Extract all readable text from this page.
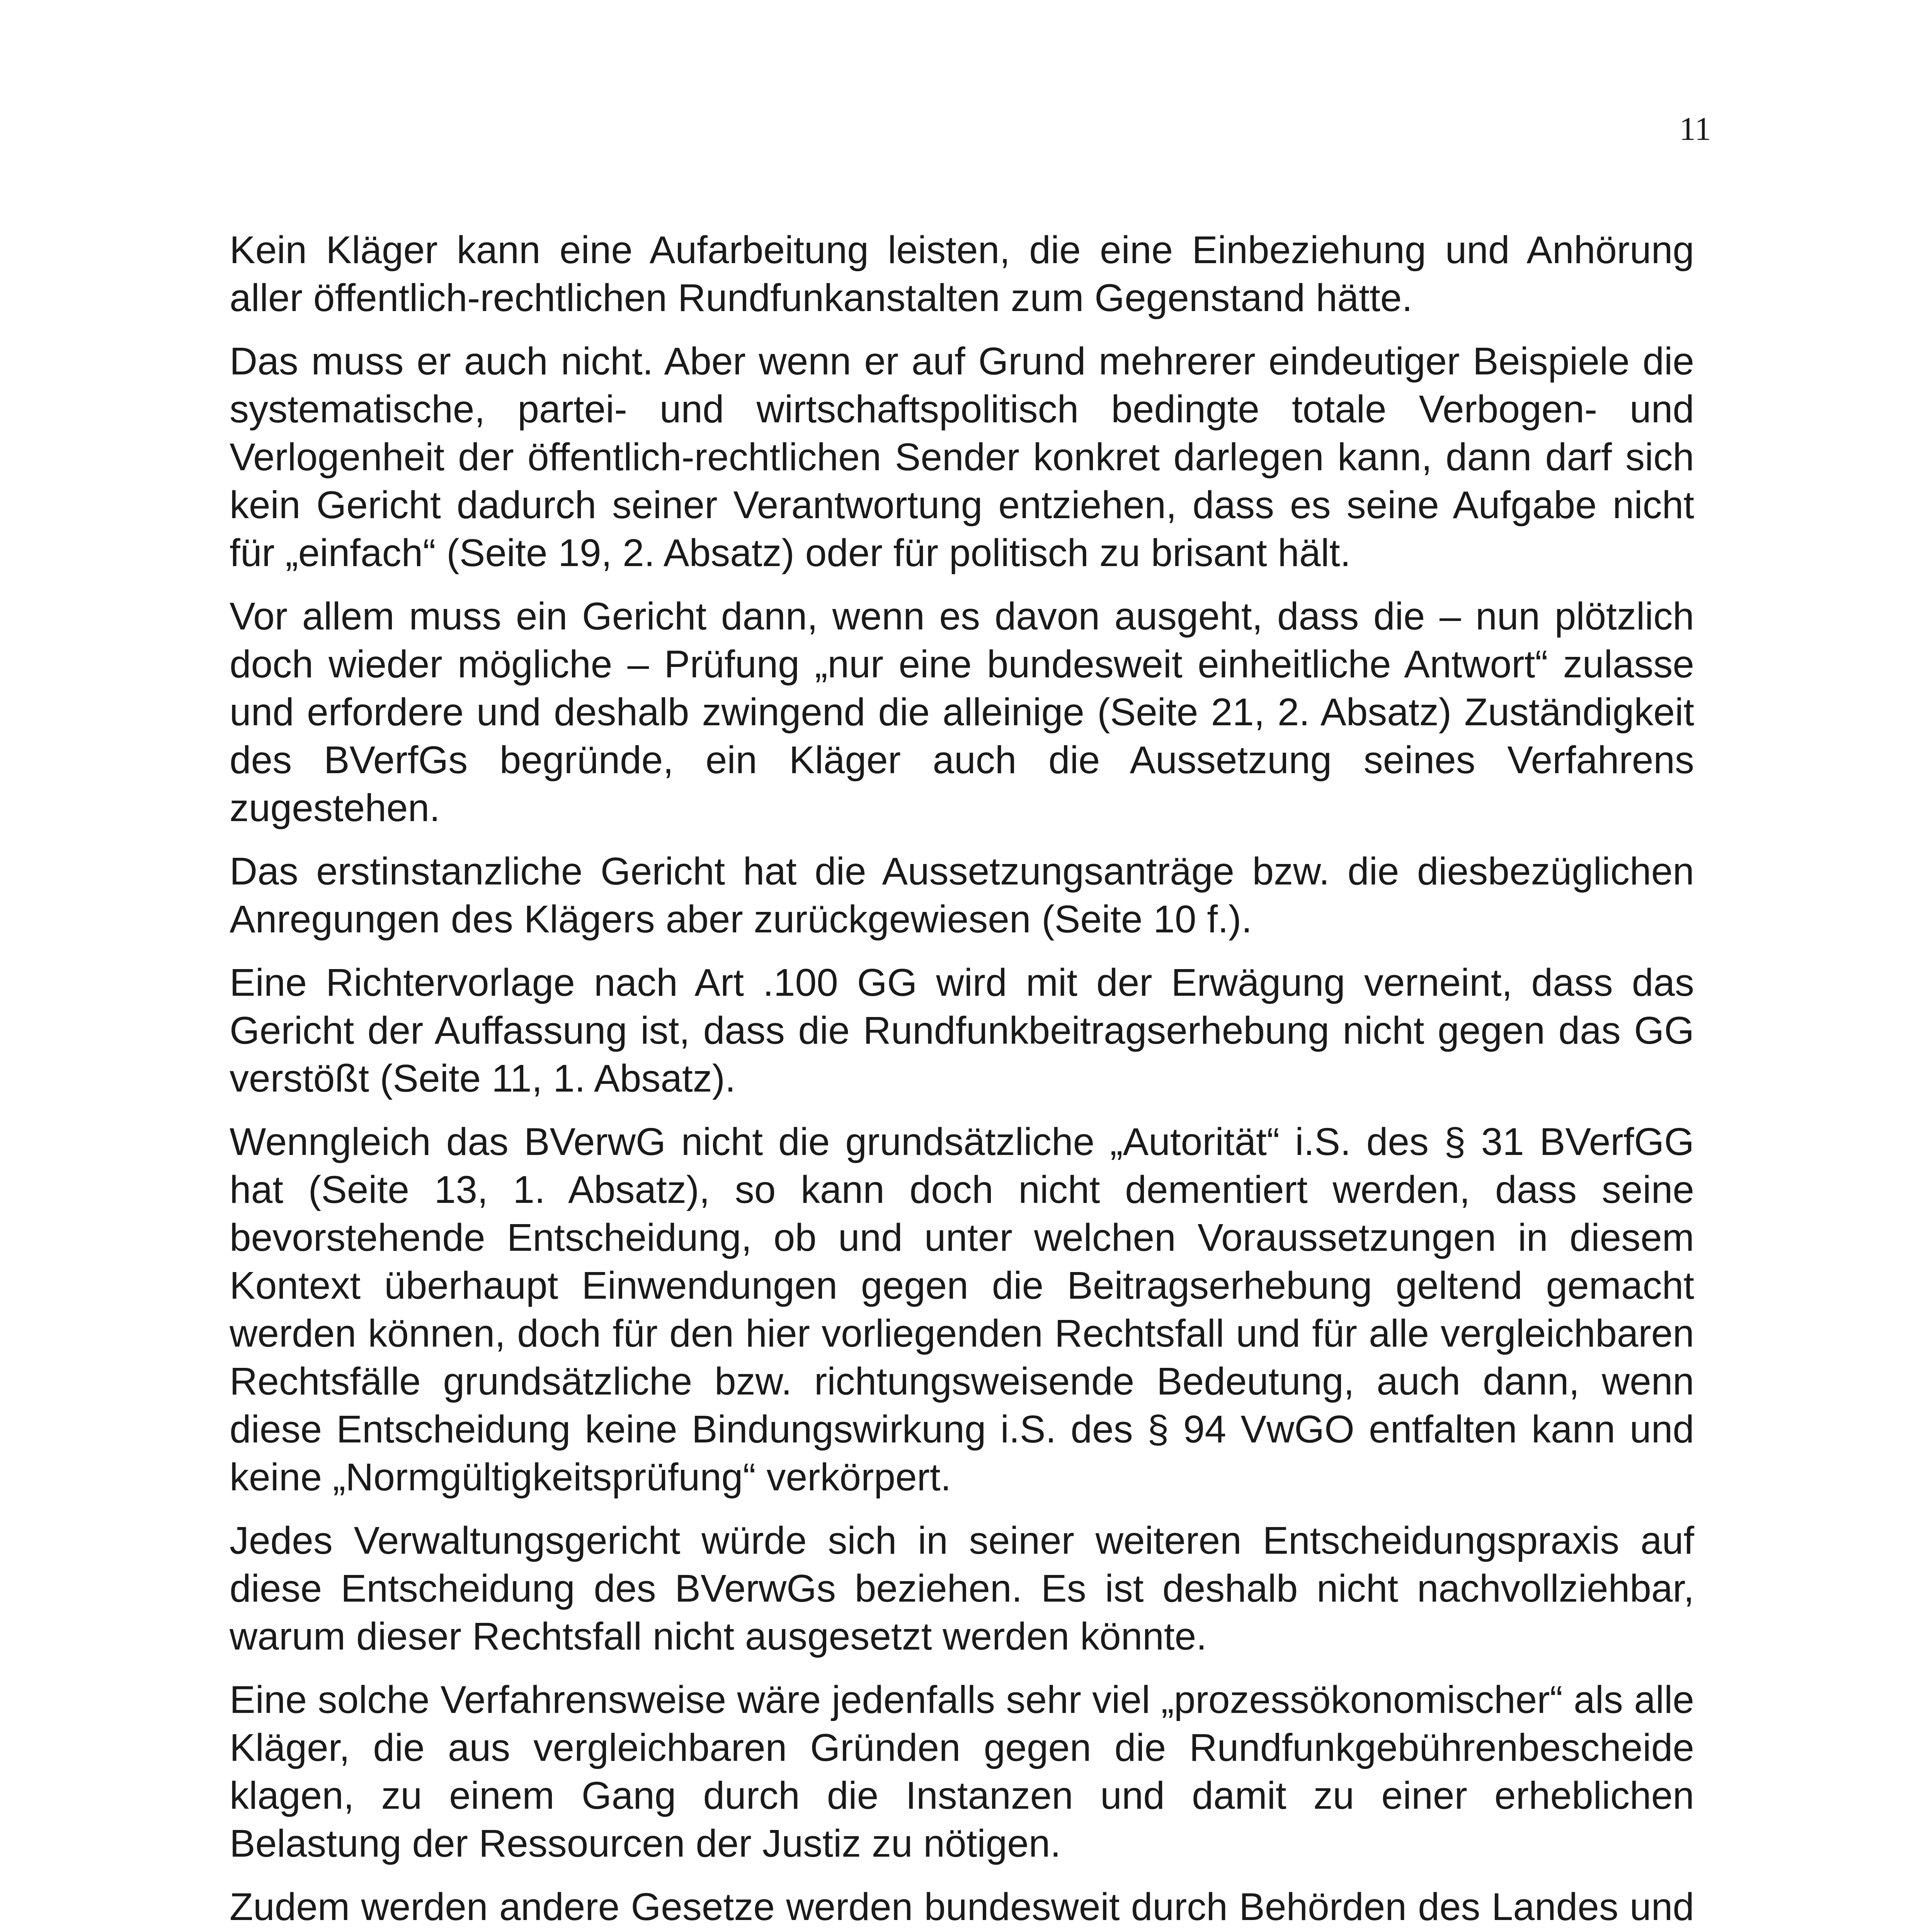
11

Kein Kläger kann eine Aufarbeitung leisten, die eine Einbeziehung und Anhörung aller öffentlich-rechtlichen Rundfunkanstalten zum Gegenstand hätte.

Das muss er auch nicht. Aber wenn er auf Grund mehrerer eindeutiger Beispiele die systematische, partei- und wirtschaftspolitisch bedingte totale Verbogen- und Verlogenheit der öffentlich-rechtlichen Sender konkret darlegen kann, dann darf sich kein Gericht dadurch seiner Verantwortung entziehen, dass es seine Aufgabe nicht für „einfach“ (Seite 19, 2. Absatz) oder für politisch zu brisant hält.

Vor allem muss ein Gericht dann, wenn es davon ausgeht, dass die – nun plötzlich doch wieder mögliche – Prüfung „nur eine bundesweit einheitliche Antwort“ zulasse und erfordere und deshalb zwingend die alleinige (Seite 21, 2. Absatz) Zuständigkeit des BVerfGs begründe, ein Kläger auch die Aussetzung seines Verfahrens zugestehen.

Das erstinstanzliche Gericht hat die Aussetzungsanträge bzw. die diesbezüglichen Anregungen des Klägers aber zurückgewiesen (Seite 10 f.).

Eine Richtervorlage nach Art .100 GG wird mit der Erwägung verneint, dass das Gericht der Auffassung ist, dass die Rundfunkbeitragserhebung nicht gegen das GG verstößt (Seite 11, 1. Absatz).

Wenngleich das BVerwG nicht die grundsätzliche „Autorität“ i.S. des § 31 BVerfGG hat (Seite 13, 1. Absatz), so kann doch nicht dementiert werden, dass seine bevorstehende Entscheidung, ob und unter welchen Voraussetzungen in diesem Kontext überhaupt Einwendungen gegen die Beitragserhebung geltend gemacht werden können, doch für den hier vorliegenden Rechtsfall und für alle vergleichbaren Rechtsfälle grundsätzliche bzw. richtungsweisende Bedeutung, auch dann, wenn diese Entscheidung keine Bindungswirkung i.S. des § 94 VwGO entfalten kann und keine „Normgültigkeitsprüfung“ verkörpert.

Jedes Verwaltungsgericht würde sich in seiner weiteren Entscheidungspraxis auf diese Entscheidung des BVerwGs beziehen. Es ist deshalb nicht nachvollziehbar, warum dieser Rechtsfall nicht ausgesetzt werden könnte.

Eine solche Verfahrensweise wäre jedenfalls sehr viel „prozessökonomischer“ als alle Kläger, die aus vergleichbaren Gründen gegen die Rundfunkgebührenbescheide klagen, zu einem Gang durch die Instanzen und damit zu einer erheblichen Belastung der Ressourcen der Justiz zu nötigen.

Zudem werden andere Gesetze werden bundesweit durch Behörden des Landes und
